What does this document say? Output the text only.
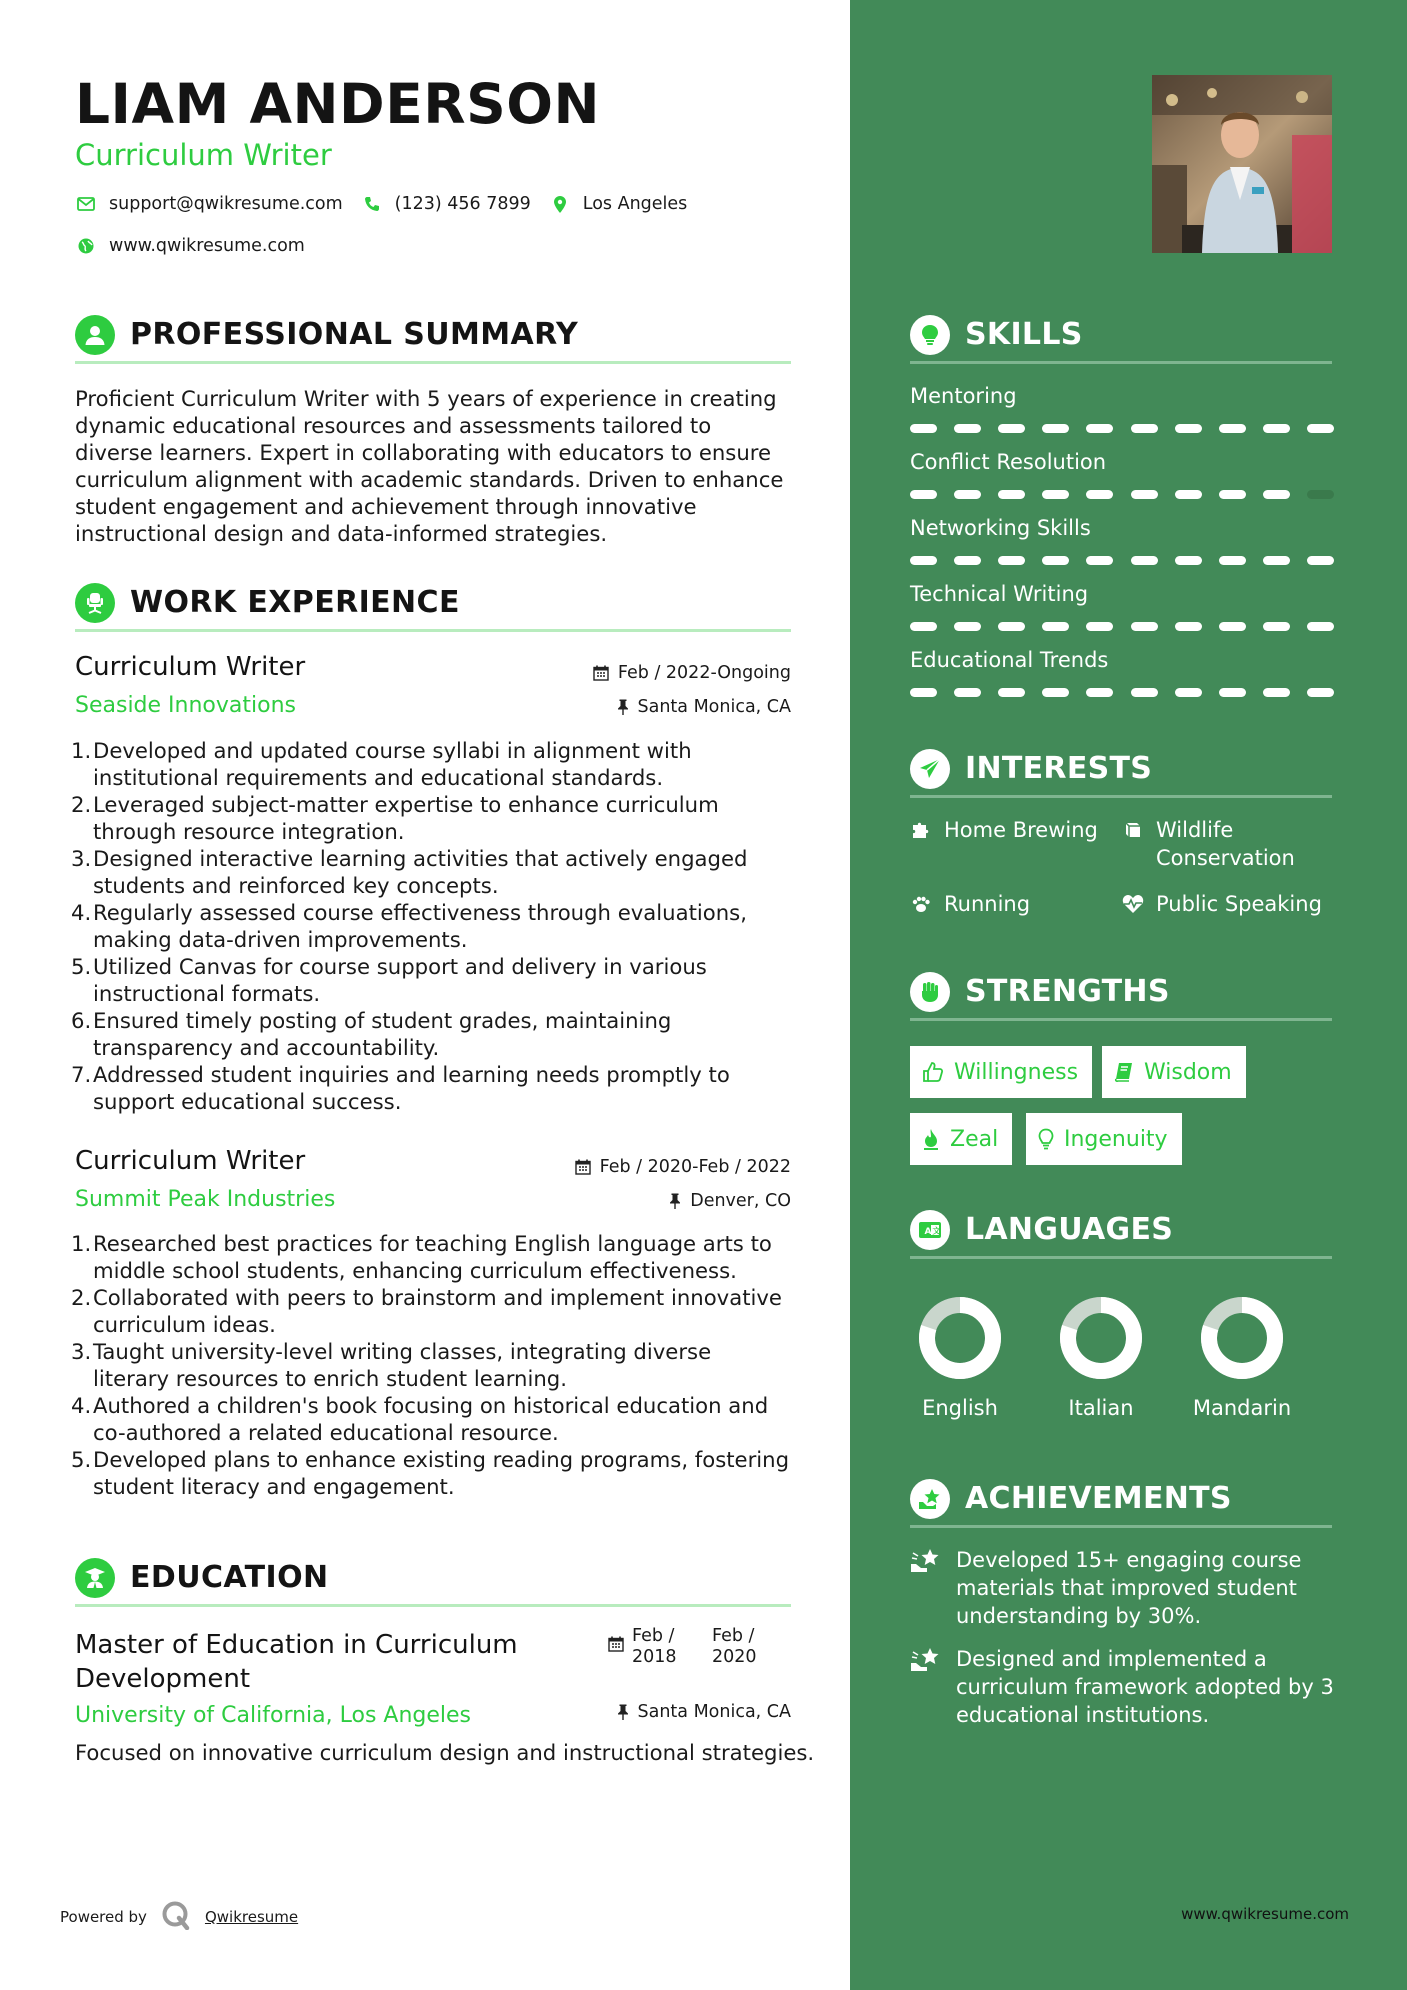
LIAM ANDERSON
Curriculum Writer
support@qwikresume.com	(123) 456 7899	Los Angeles
www.qwikresume.com
PROFESSIONAL SUMMARY
Proficient Curriculum Writer with 5 years of experience in creating dynamic educational resources and assessments tailored to diverse learners. Expert in collaborating with educators to ensure curriculum alignment with academic standards. Driven to enhance student engagement and achievement through innovative instructional design and data-informed strategies.
WORK EXPERIENCE
Curriculum Writer	Feb / 2022-Ongoing
Seaside Innovations	Santa Monica, CA
1. Developed and updated course syllabi in alignment with institutional requirements and educational standards.
2. Leveraged subject-matter expertise to enhance curriculum through resource integration.
3. Designed interactive learning activities that actively engaged students and reinforced key concepts.
4. Regularly assessed course effectiveness through evaluations, making data-driven improvements.
5. Utilized Canvas for course support and delivery in various instructional formats.
6. Ensured timely posting of student grades, maintaining transparency and accountability.
7. Addressed student inquiries and learning needs promptly to support educational success.
Curriculum Writer	Feb / 2020-Feb / 2022
Summit Peak Industries	Denver, CO
1. Researched best practices for teaching English language arts to middle school students, enhancing curriculum effectiveness.
2. Collaborated with peers to brainstorm and implement innovative curriculum ideas.
3. Taught university-level writing classes, integrating diverse literary resources to enrich student learning.
4. Authored a children's book focusing on historical education and co-authored a related educational resource.
5. Developed plans to enhance existing reading programs, fostering student literacy and engagement.
EDUCATION
Master of Education in Curriculum Development
Feb / 2018
Feb / 2020
University of California, Los Angeles	Santa Monica, CA
Focused on innovative curriculum design and instructional strategies.
Powered by	Qwikresume
SKILLS
Mentoring
Conflict Resolution
Networking Skills
Technical Writing
Educational Trends
INTERESTS
Home Brewing	Wildlife Conservation
Running	Public Speaking
STRENGTHS
Willingness	Wisdom
Zeal	Ingenuity
A 文 LANGUAGES
English	Italian	Mandarin
ACHIEVEMENTS
Developed 15+ engaging course materials that improved student understanding by 30%.
Designed and implemented a curriculum framework adopted by 3 educational institutions.
www.qwikresume.com
